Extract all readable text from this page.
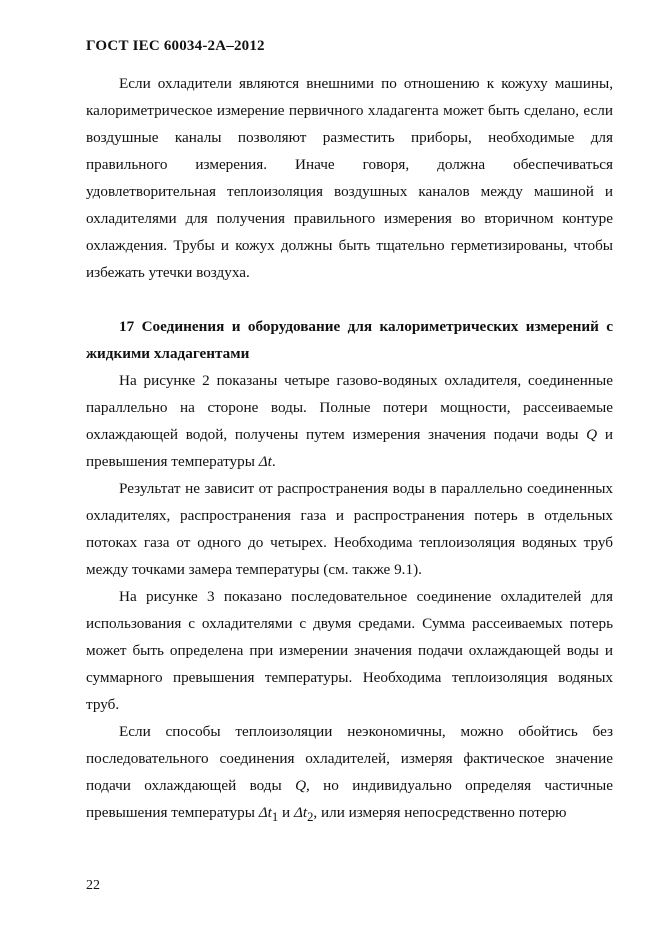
ГОСТ IEC 60034-2A–2012

Если охладители являются внешними по отношению к кожуху машины, калориметрическое измерение первичного хладагента может быть сделано, если воздушные каналы позволяют разместить приборы, необходимые для правильного измерения. Иначе говоря, должна обеспечиваться удовлетворительная теплоизоляция воздушных каналов между машиной и охладителями для получения правильного измерения во вторичном контуре охлаждения. Трубы и кожух должны быть тщательно герметизированы, чтобы избежать утечки воздуха.

17 Соединения и оборудование для калориметрических измерений с жидкими хладагентами

На рисунке 2 показаны четыре газово-водяных охладителя, соединенные параллельно на стороне воды. Полные потери мощности, рассеиваемые охлаждающей водой, получены путем измерения значения подачи воды Q и превышения температуры Δt.

Результат не зависит от распространения воды в параллельно соединенных охладителях, распространения газа и распространения потерь в отдельных потоках газа от одного до четырех. Необходима теплоизоляция водяных труб между точками замера температуры (см. также 9.1).

На рисунке 3 показано последовательное соединение охладителей для использования с охладителями с двумя средами. Сумма рассеиваемых потерь может быть определена при измерении значения подачи охлаждающей воды и суммарного превышения температуры. Необходима теплоизоляция водяных труб.

Если способы теплоизоляции неэкономичны, можно обойтись без последовательного соединения охладителей, измеряя фактическое значение подачи охлаждающей воды Q, но индивидуально определяя частичные превышения температуры $\Delta t_1$ и $\Delta t_2$, или измеряя непосредственно потерю

22
